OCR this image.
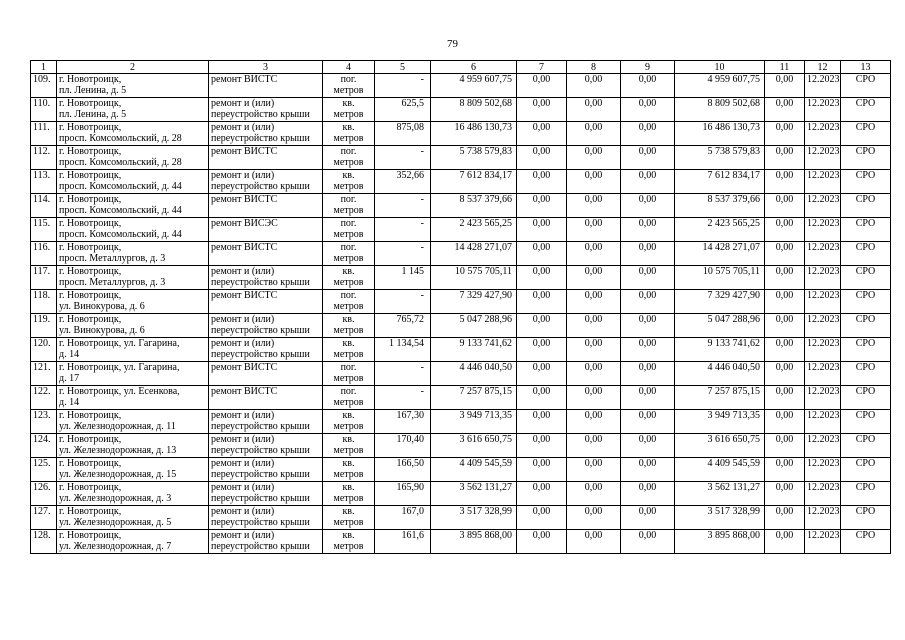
79
1	2	3	4	5	6	7	8	9	10	11	12	13
109.	г. Новотроицк,
пл. Ленина, д. 5	ремонт ВИСТС	пог.
метров	-	4 959 607,75	0,00	0,00	0,00	4 959 607,75	0,00	12.2023	СРО
110.	г. Новотроицк,
пл. Ленина, д. 5	ремонт и (или)
переустройство крыши	кв.
метров	625,5	8 809 502,68	0,00	0,00	0,00	8 809 502,68	0,00	12.2023	СРО
111.	г. Новотроицк,
просп. Комсомольский, д. 28	ремонт и (или)
переустройство крыши	кв.
метров	875,08	16 486 130,73	0,00	0,00	0,00	16 486 130,73	0,00	12.2023	СРО
112.	г. Новотроицк,
просп. Комсомольский, д. 28	ремонт ВИСТС	пог.
метров	-	5 738 579,83	0,00	0,00	0,00	5 738 579,83	0,00	12.2023	СРО
113.	г. Новотроицк,
просп. Комсомольский, д. 44	ремонт и (или)
переустройство крыши	кв.
метров	352,66	7 612 834,17	0,00	0,00	0,00	7 612 834,17	0,00	12.2023	СРО
114.	г. Новотроицк,
просп. Комсомольский, д. 44	ремонт ВИСТС	пог.
метров	-	8 537 379,66	0,00	0,00	0,00	8 537 379,66	0,00	12.2023	СРО
115.	г. Новотроицк,
просп. Комсомольский, д. 44	ремонт ВИСЭС	пог.
метров	-	2 423 565,25	0,00	0,00	0,00	2 423 565,25	0,00	12.2023	СРО
116.	г. Новотроицк,
просп. Металлургов, д. 3	ремонт ВИСТС	пог.
метров	-	14 428 271,07	0,00	0,00	0,00	14 428 271,07	0,00	12.2023	СРО
117.	г. Новотроицк,
просп. Металлургов, д. 3	ремонт и (или)
переустройство крыши	кв.
метров	1 145	10 575 705,11	0,00	0,00	0,00	10 575 705,11	0,00	12.2023	СРО
118.	г. Новотроицк,
ул. Винокурова, д. 6	ремонт ВИСТС	пог.
метров	-	7 329 427,90	0,00	0,00	0,00	7 329 427,90	0,00	12.2023	СРО
119.	г. Новотроицк,
ул. Винокурова, д. 6	ремонт и (или)
переустройство крыши	кв.
метров	765,72	5 047 288,96	0,00	0,00	0,00	5 047 288,96	0,00	12.2023	СРО
120.	г. Новотроицк, ул. Гагарина,
д. 14	ремонт и (или)
переустройство крыши	кв.
метров	1 134,54	9 133 741,62	0,00	0,00	0,00	9 133 741,62	0,00	12.2023	СРО
121.	г. Новотроицк, ул. Гагарина,
д. 17	ремонт ВИСТС	пог.
метров	-	4 446 040,50	0,00	0,00	0,00	4 446 040,50	0,00	12.2023	СРО
122.	г. Новотроицк, ул. Есенкова,
д. 14	ремонт ВИСТС	пог.
метров	-	7 257 875,15	0,00	0,00	0,00	7 257 875,15	0,00	12.2023	СРО
123.	г. Новотроицк,
ул. Железнодорожная, д. 11	ремонт и (или)
переустройство крыши	кв.
метров	167,30	3 949 713,35	0,00	0,00	0,00	3 949 713,35	0,00	12.2023	СРО
124.	г. Новотроицк,
ул. Железнодорожная, д. 13	ремонт и (или)
переустройство крыши	кв.
метров	170,40	3 616 650,75	0,00	0,00	0,00	3 616 650,75	0,00	12.2023	СРО
125.	г. Новотроицк,
ул. Железнодорожная, д. 15	ремонт и (или)
переустройство крыши	кв.
метров	166,50	4 409 545,59	0,00	0,00	0,00	4 409 545,59	0,00	12.2023	СРО
126.	г. Новотроицк,
ул. Железнодорожная, д. 3	ремонт и (или)
переустройство крыши	кв.
метров	165,90	3 562 131,27	0,00	0,00	0,00	3 562 131,27	0,00	12.2023	СРО
127.	г. Новотроицк,
ул. Железнодорожная, д. 5	ремонт и (или)
переустройство крыши	кв.
метров	167,0	3 517 328,99	0,00	0,00	0,00	3 517 328,99	0,00	12.2023	СРО
128.	г. Новотроицк,
ул. Железнодорожная, д. 7	ремонт и (или)
переустройство крыши	кв.
метров	161,6	3 895 868,00	0,00	0,00	0,00	3 895 868,00	0,00	12.2023	СРО
